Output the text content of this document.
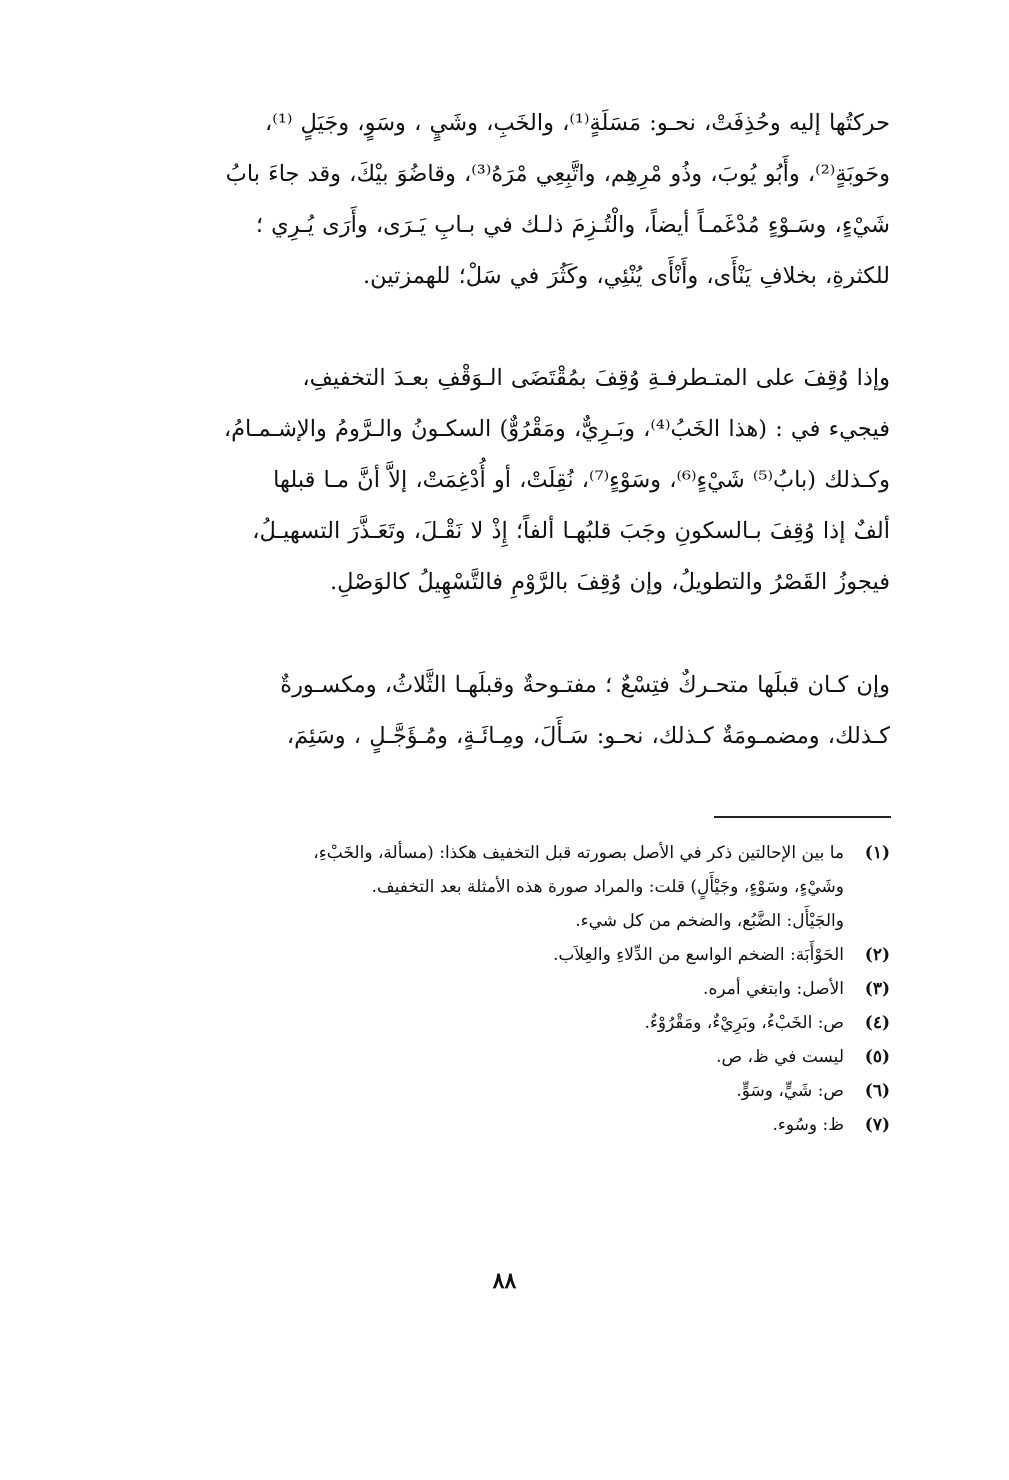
حركتُها إليه وحُذِفَتْ، نحـو: مَسَلَةٍ⁽¹⁾، والخَبِ، وشَيٍ ، وسَوٍ، وجَيَلٍ ⁽¹⁾،
وحَوبَةٍ⁽²⁾، وأَبُو يُوبَ، وذُو مْرِهِم، واتَّبِعِي مْرَهُ⁽³⁾، وقاضُوَ بيْكَ، وقد جاءَ بابُ
شَيْءٍ، وسَـوْءٍ مُدْغَمـاً أيضاً، والْتُـزِمَ ذلـك في بـابِ يَـرَى، وأَرَى يُـرِي ؛
للكثرةِ، بخلافِ يَنْأَى، وأَنْأَى يُنْئِي، وكَثُرَ في سَلْ؛ للهمزتين.
وإذا وُقِفَ على المتـطرفـةِ وُقِفَ بمُقْتَضَى الـوَقْفِ بعـدَ التخفيفِ،
فيجيء في : (هذا الخَبُ⁽⁴⁾، وبَـرِيٌّ، ومَقْرُوٌّ) السكـونُ والـرَّومُ والإشـمـامُ،
وكـذلك (بابُ⁽⁵⁾ شَيْءٍ⁽⁶⁾، وسَوْءٍ⁽⁷⁾، نُقِلَتْ، أو أُدْغِمَتْ، إلاَّ أنَّ مـا قبلها
ألفٌ إذا وُقِفَ بـالسكونِ وجَبَ قلبُهـا ألفاً؛ إِذْ لا نَقْـلَ، وتَعَـذَّرَ التسهيـلُ،
فيجوزُ القَصْرُ والتطويلُ، وإن وُقِفَ بالرَّوْمِ فالتَّسْهِيلُ كالوَصْلِ.
وإن كـان قبلَها متحـركٌ فتِسْعٌ ؛ مفتـوحةٌ وقبلَهـا الثَّلاثُ، ومكسـورةٌ
كـذلك، ومضمـومَةٌ كـذلك، نحـو: سَـأَلَ، ومِـائَـةٍ، ومُـؤَجَّـلٍ ، وسَئِمَ،
(١)
ما بين الإحالتين ذكر في الأصل بصورته قبل التخفيف هكذا: (مسألة، والخَبْءِ،
وشَيْءٍ، وسَوْءٍ، وجَيْأَلٍ) قلت: والمراد صورة هذه الأمثلة بعد التخفيف.
والجَيْأَل: الضَّبُع، والضخم من كل شيء.
(٢)
الحَوْأَبَة: الضخم الواسع من الدِّلاءِ والعِلاَب.
(٣)
الأصل: وابتغي أمره.
(٤)
ص: الخَبْءُ، وبَرِيْءٌ، ومَقْرُوْءٌ.
(٥)
ليست في ظ، ص.
(٦)
ص: شَيٍّ، وسَوٍّ.
(٧)
ظ: وسُوء.
٨٨
